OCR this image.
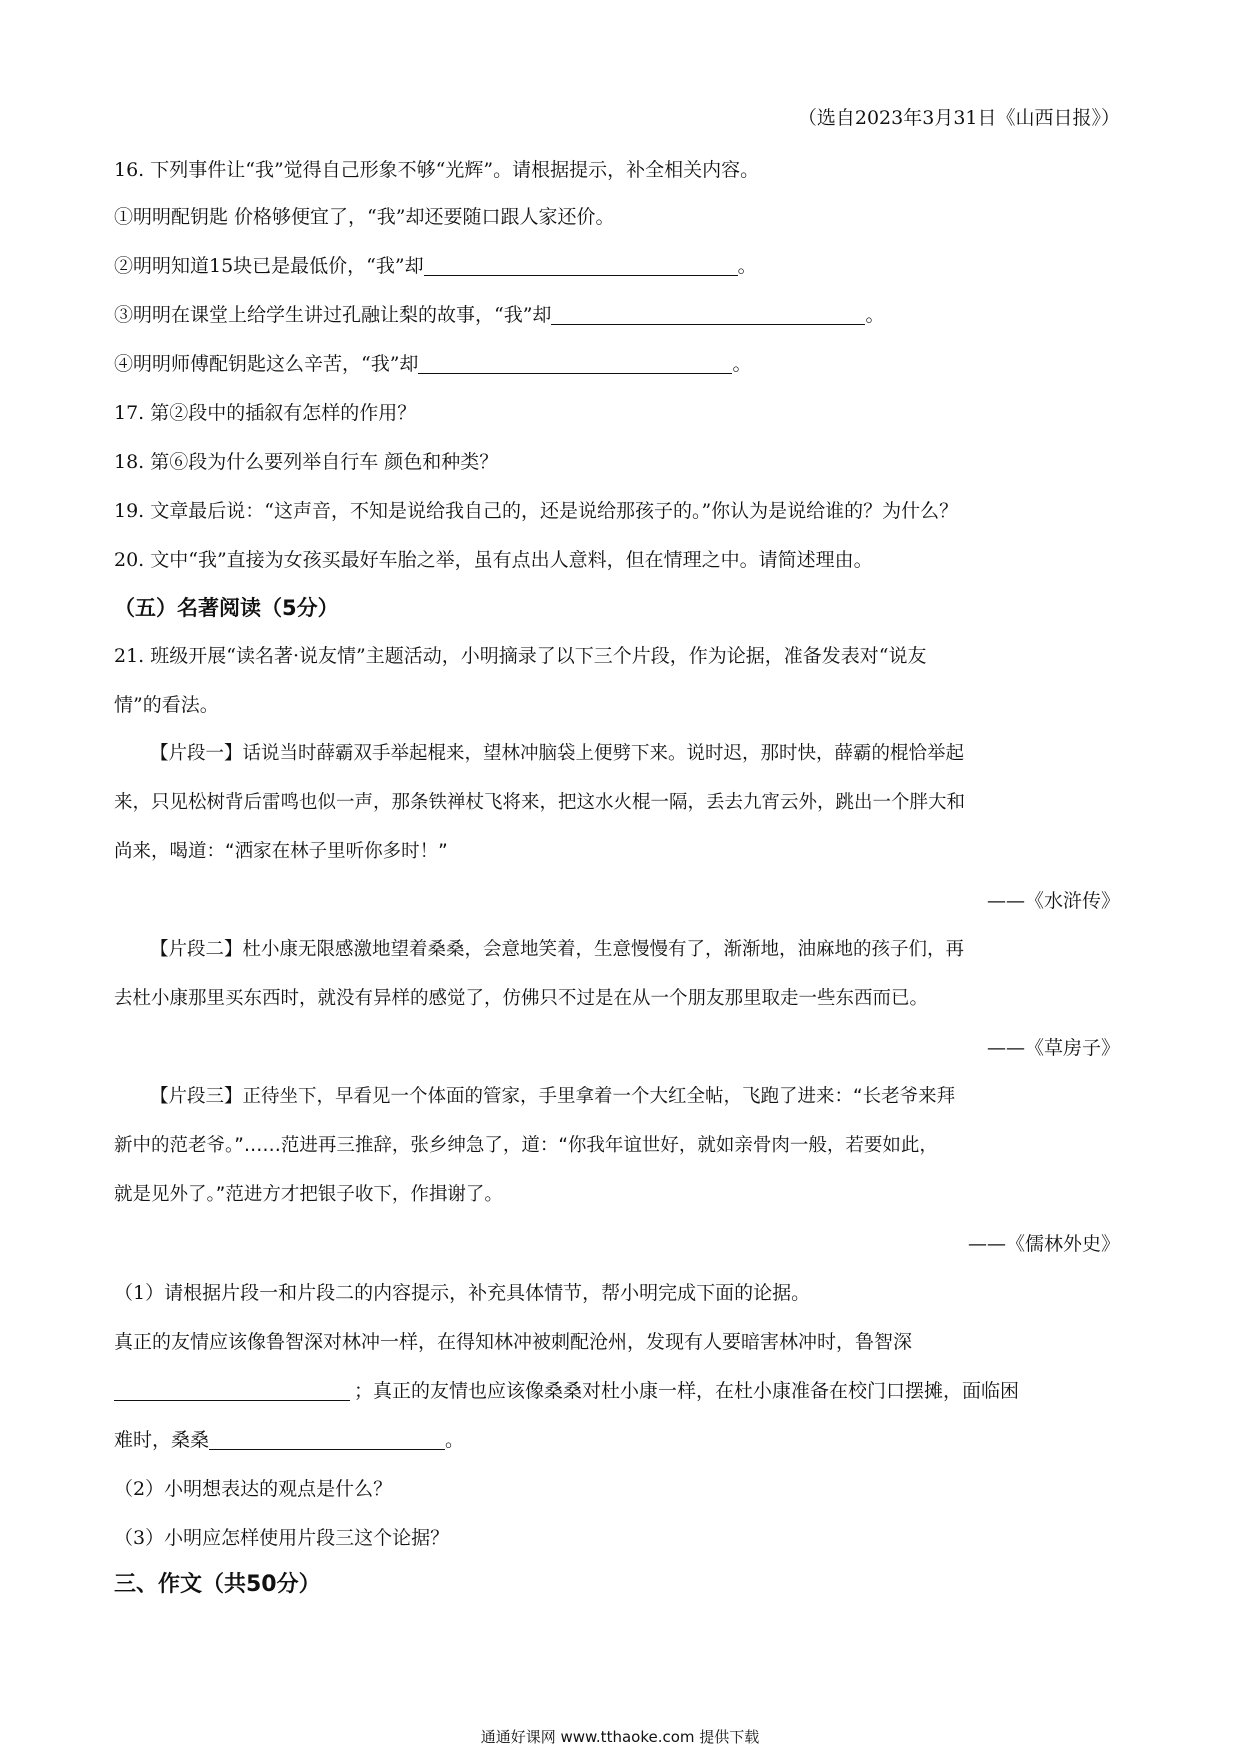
（选自2023年3月31日《山西日报》）
16. 下列事件让“我”觉得自己形象不够“光辉”。请根据提示，补全相关内容。
①明明配钥匙 价格够便宜了，“我”却还要随口跟人家还价。
②明明知道15块已是最低价，“我”却	。
③明明在课堂上给学生讲过孔融让梨的故事，“我”却	。
④明明师傅配钥匙这么辛苦，“我”却	。
17. 第②段中的插叙有怎样的作用？
18. 第⑥段为什么要列举自行车 颜色和种类？
19. 文章最后说：“这声音，不知是说给我自己的，还是说给那孩子的。”你认为是说给谁的？为什么？
20. 文中“我”直接为女孩买最好车胎之举，虽有点出人意料，但在情理之中。请简述理由。
（五）名著阅读（5分）
21. 班级开展“读名著·说友情”主题活动，小明摘录了以下三个片段，作为论据，准备发表对“说友
情”的看法。
【片段一】话说当时薛霸双手举起棍来，望林冲脑袋上便劈下来。说时迟，那时快，薛霸的棍恰举起
来，只见松树背后雷鸣也似一声，那条铁禅杖飞将来，把这水火棍一隔，丢去九宵云外，跳出一个胖大和
尚来，喝道：“洒家在林子里听你多时！”
——《水浒传》
【片段二】杜小康无限感激地望着桑桑，会意地笑着，生意慢慢有了，渐渐地，油麻地的孩子们，再
去杜小康那里买东西时，就没有异样的感觉了，仿佛只不过是在从一个朋友那里取走一些东西而已。
——《草房子》
【片段三】正待坐下，早看见一个体面的管家，手里拿着一个大红全帖，飞跑了进来：“长老爷来拜
新中的范老爷。”……范进再三推辞，张乡绅急了，道：“你我年谊世好，就如亲骨肉一般，若要如此，
就是见外了。”范进方才把银子收下，作揖谢了。
——《儒林外史》
（1）请根据片段一和片段二的内容提示，补充具体情节，帮小明完成下面的论据。
真正的友情应该像鲁智深对林冲一样，在得知林冲被刺配沧州，发现有人要暗害林冲时，鲁智深
；真正的友情也应该像桑桑对杜小康一样，在杜小康准备在校门口摆摊，面临困
难时，桑桑	。
（2）小明想表达的观点是什么？
（3）小明应怎样使用片段三这个论据？
三、作文（共50分）
通通好课网 www.tthaoke.com 提供下载
